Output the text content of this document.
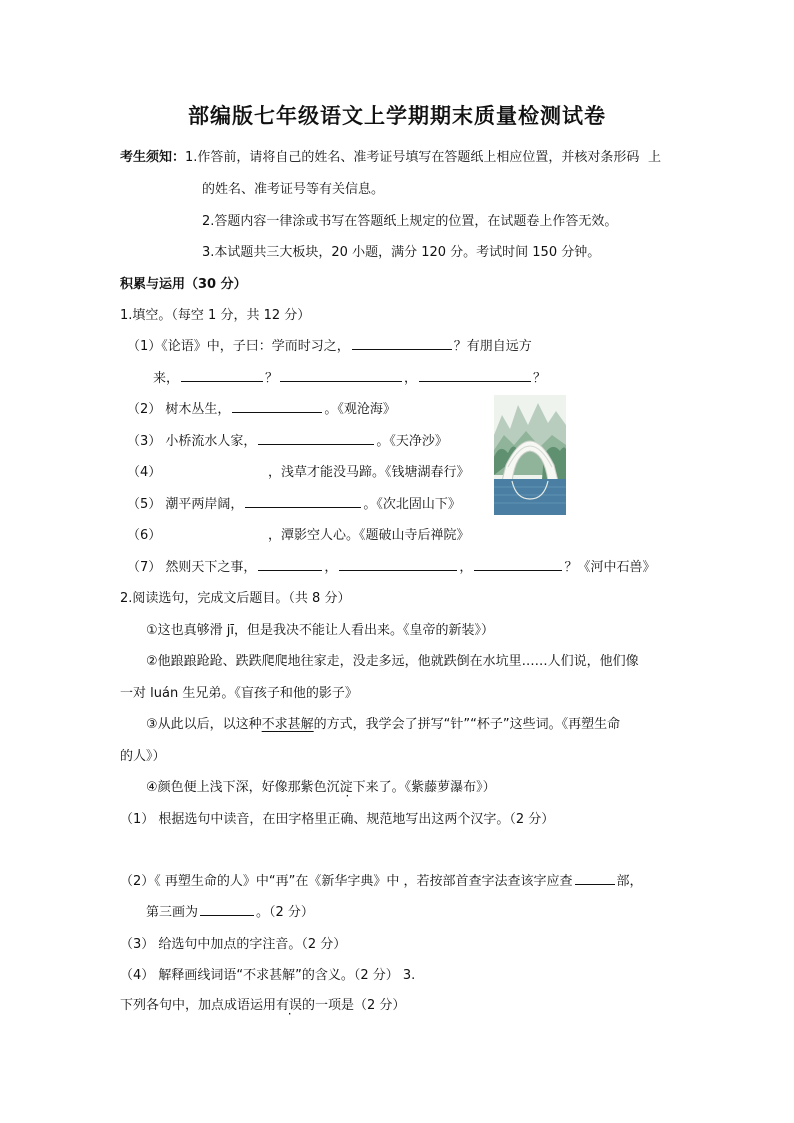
部编版七年级语文上学期期末质量检测试卷
考生须知：1.作答前，请将自己的姓名、准考证号填写在答题纸上相应位置，并核对条形码 上
的姓名、准考证号等有关信息。
2.答题内容一律涂或书写在答题纸上规定的位置，在试题卷上作答无效。
3.本试题共三大板块，20 小题，满分 120 分。考试时间 150 分钟。
积累与运用（30 分）
1.填空。（每空 1 分，共 12 分）
（1）《论语》中，子曰：学而时习之，	？有朋自远方
来，	？	，	？
（2） 树木丛生，	。《观沧海》
（3） 小桥流水人家，	。《天净沙》
（4）	，浅草才能没马蹄。《钱塘湖春行》
（5） 潮平两岸阔，	。《次北固山下》
（6）	，潭影空人心。《题破山寺后禅院》
（7） 然则天下之事，	，	，	？《河中石兽》
2.阅读选句，完成文后题目。（共 8 分）
①这也真够滑 jī，但是我决不能让人看出来。《皇帝的新装》）
②他踉踉跄跄、跌跌爬爬地往家走，没走多远，他就跌倒在水坑里……人们说，他们像
一对 luán 生兄弟。《盲孩子和他的影子》
③从此以后，以这种不求甚解的方式，我学会了拼写“针”“杯子”这些词。《再塑生命
的人》）
④颜色便上浅下深，好像那紫色沉淀下来了。《紫藤萝瀑布》）
（1） 根据选句中读音，在田字格里正确、规范地写出这两个汉字。（2 分）
（2）《 再塑生命的人》中“再”在《新华字典》中 ，若按部首查字法查该字应查	部，
第三画为	。（2 分）
（3） 给选句中加点的字注音。（2 分）
（4） 解释画线词语“不求甚解”的含义。（2 分） 3.
下列各句中，加点成语运用有误的一项是（2 分）
